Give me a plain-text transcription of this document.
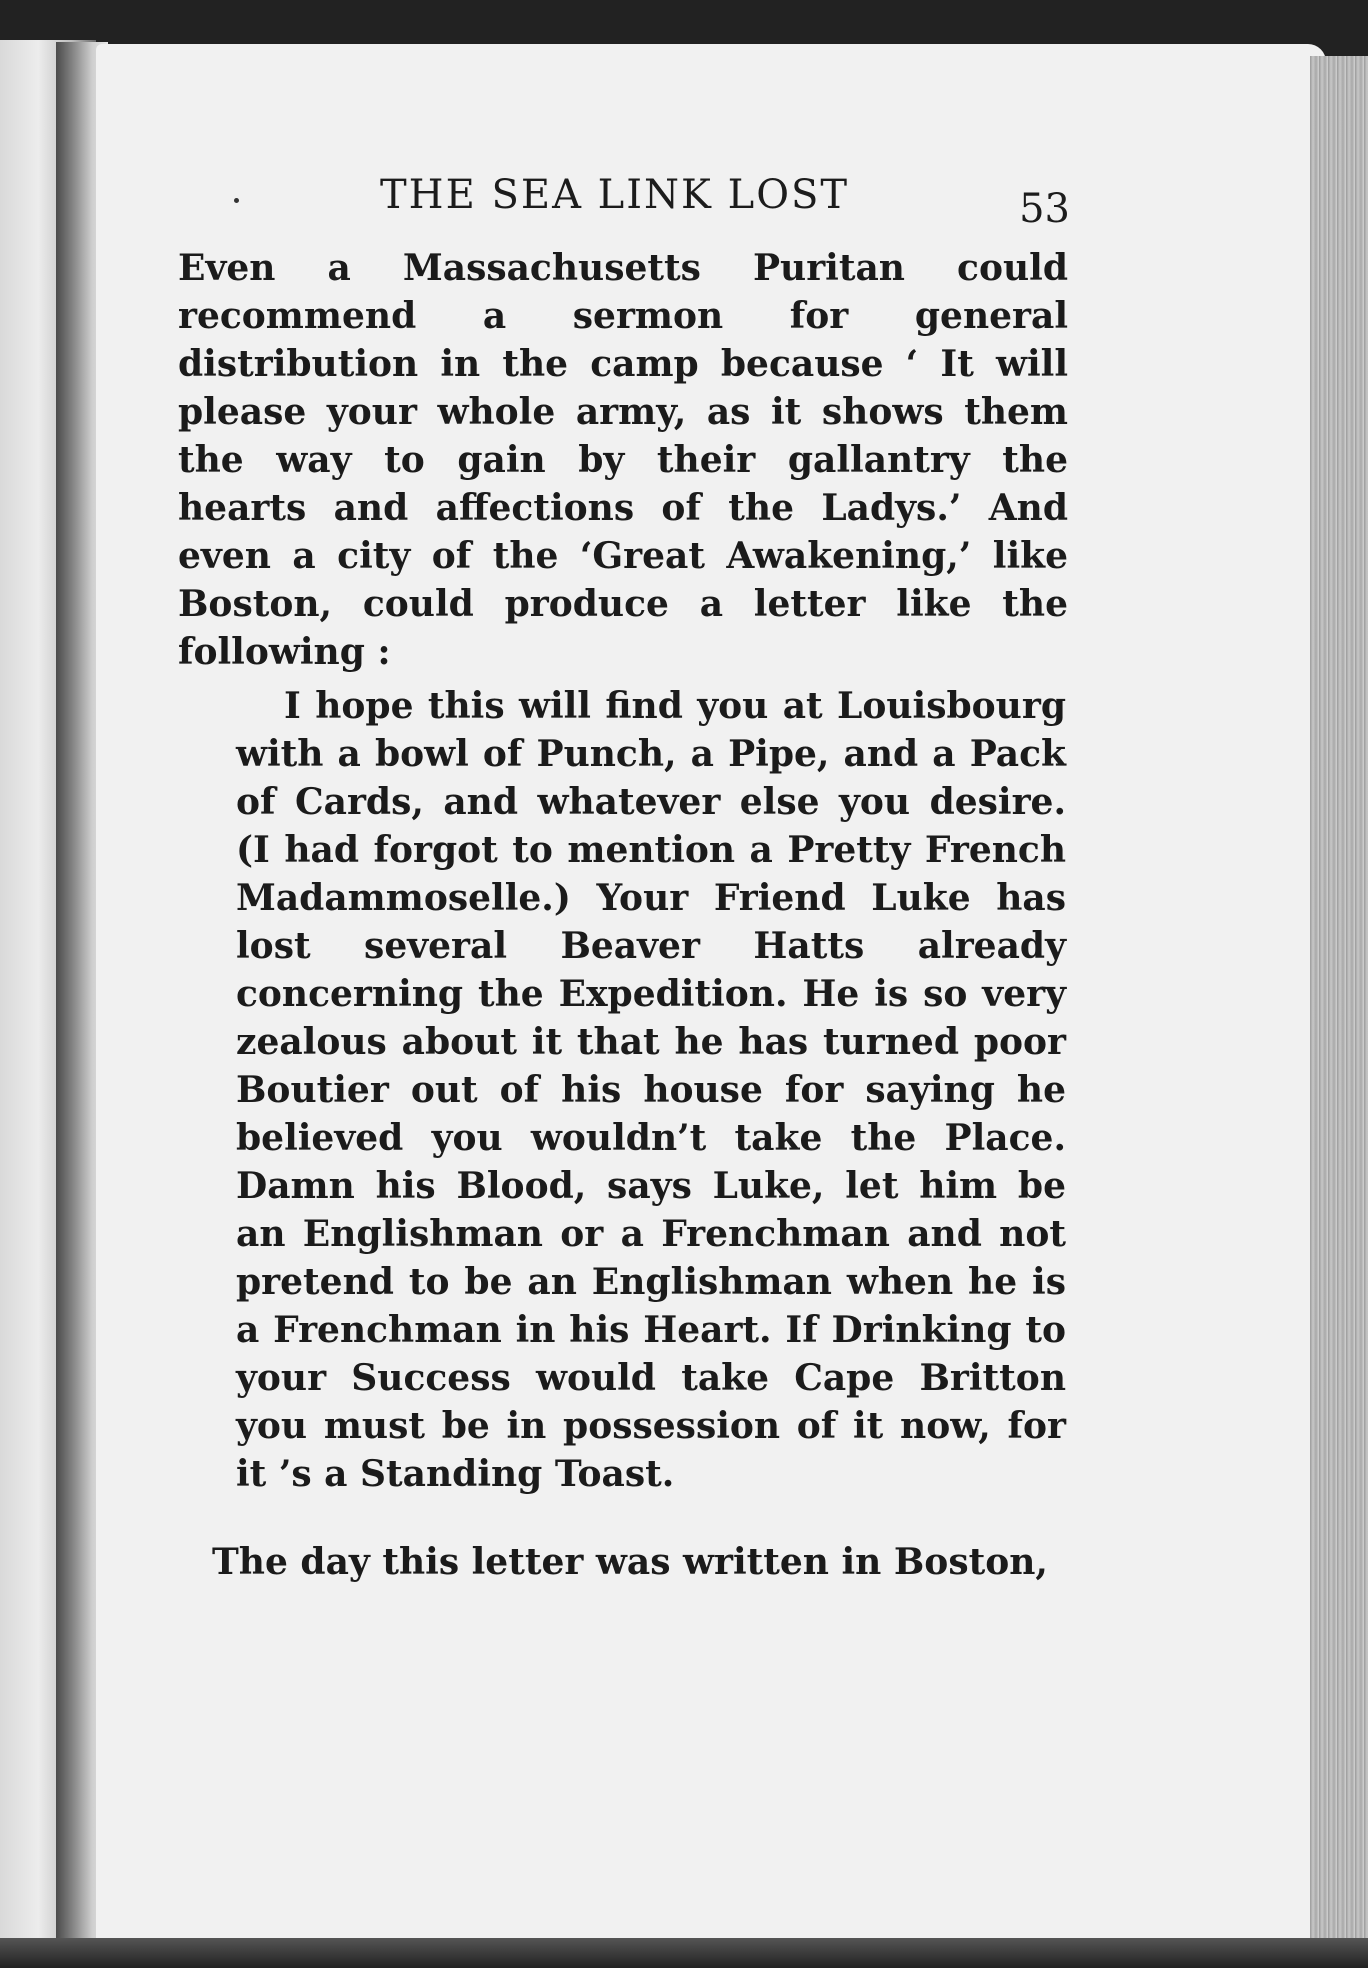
THE SEA LINK LOST	53

Even a Massachusetts Puritan could recommend a sermon for general distribution in the camp because ‘ It will please your whole army, as it shows them the way to gain by their gallantry the hearts and affections of the Ladys.’ And even a city of the ‘Great Awakening,’ like Boston, could produce a letter like the following :

I hope this will find you at Louisbourg with a bowl of Punch, a Pipe, and a Pack of Cards, and whatever else you desire. (I had forgot to mention a Pretty French Madammoselle.) Your Friend Luke has lost several Beaver Hatts already concerning the Expedition. He is so very zealous about it that he has turned poor Boutier out of his house for saying he believed you wouldn’t take the Place. Damn his Blood, says Luke, let him be an Englishman or a Frenchman and not pretend to be an Englishman when he is a Frenchman in his Heart. If Drinking to your Success would take Cape Britton you must be in possession of it now, for it ’s a Standing Toast.

The day this letter was written in Boston,
